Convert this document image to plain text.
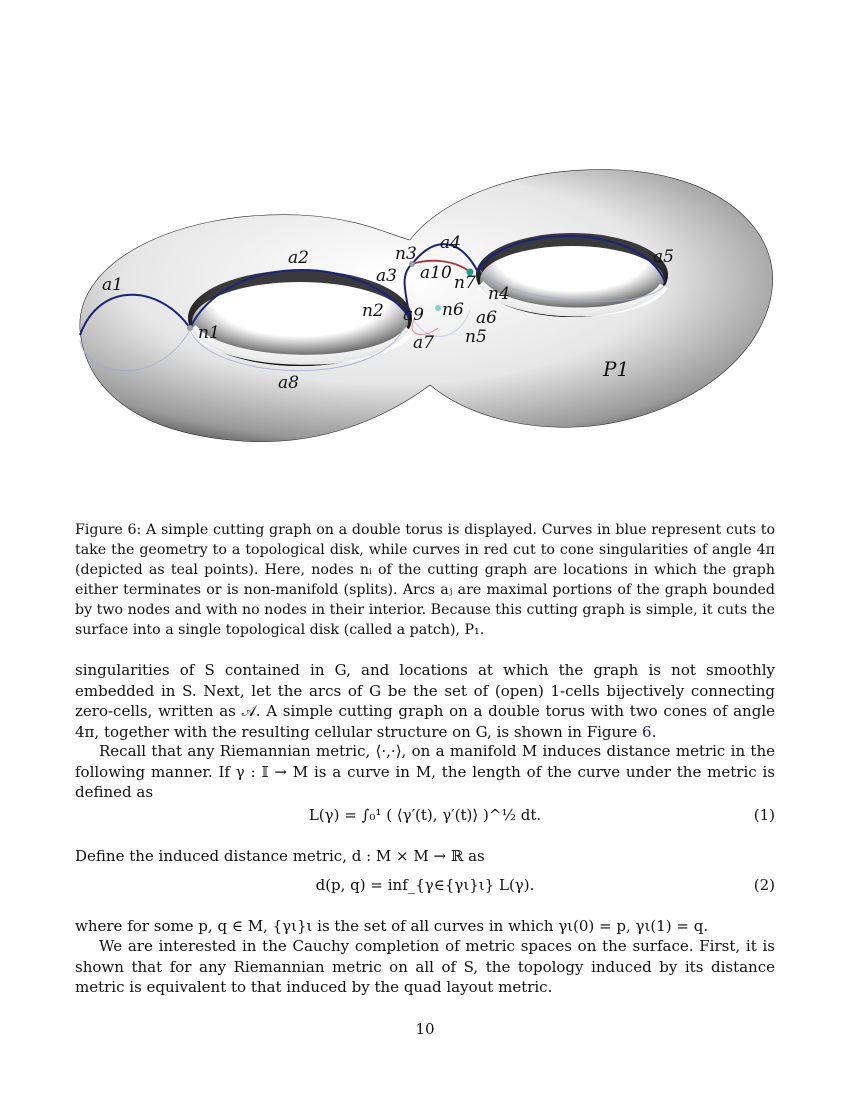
a1
a2
a3
a4
a5
a6
a7
a8
a9
a10
n1
n2
n3
n4
n5
n6
n7
P1
Figure 6: A simple cutting graph on a double torus is displayed. Curves in blue represent cuts to take the geometry to a topological disk, while curves in red cut to cone singularities of angle 4π (depicted as teal points). Here, nodes nᵢ of the cutting graph are locations in which the graph either terminates or is non-manifold (splits). Arcs aⱼ are maximal portions of the graph bounded by two nodes and with no nodes in their interior. Because this cutting graph is simple, it cuts the surface into a single topological disk (called a patch), P₁.
singularities of S contained in G, and locations at which the graph is not smoothly embedded in S. Next, let the arcs of G be the set of (open) 1-cells bijectively connecting zero-cells, written as 𝒜. A simple cutting graph on a double torus with two cones of angle 4π, together with the resulting cellular structure on G, is shown in Figure 6.
Recall that any Riemannian metric, ⟨·,·⟩, on a manifold M induces distance metric in the following manner. If γ : 𝕀 → M is a curve in M, the length of the curve under the metric is defined as
L(γ) = ∫₀¹ ( ⟨γ′(t), γ′(t)⟩ )^½ dt.	(1)
Define the induced distance metric, d : M × M → ℝ as
d(p, q) = inf_{γ∈{γι}ι} L(γ).	(2)
where for some p, q ∈ M, {γι}ι is the set of all curves in which γι(0) = p, γι(1) = q.
We are interested in the Cauchy completion of metric spaces on the surface. First, it is shown that for any Riemannian metric on all of S, the topology induced by its distance metric is equivalent to that induced by the quad layout metric.
10
